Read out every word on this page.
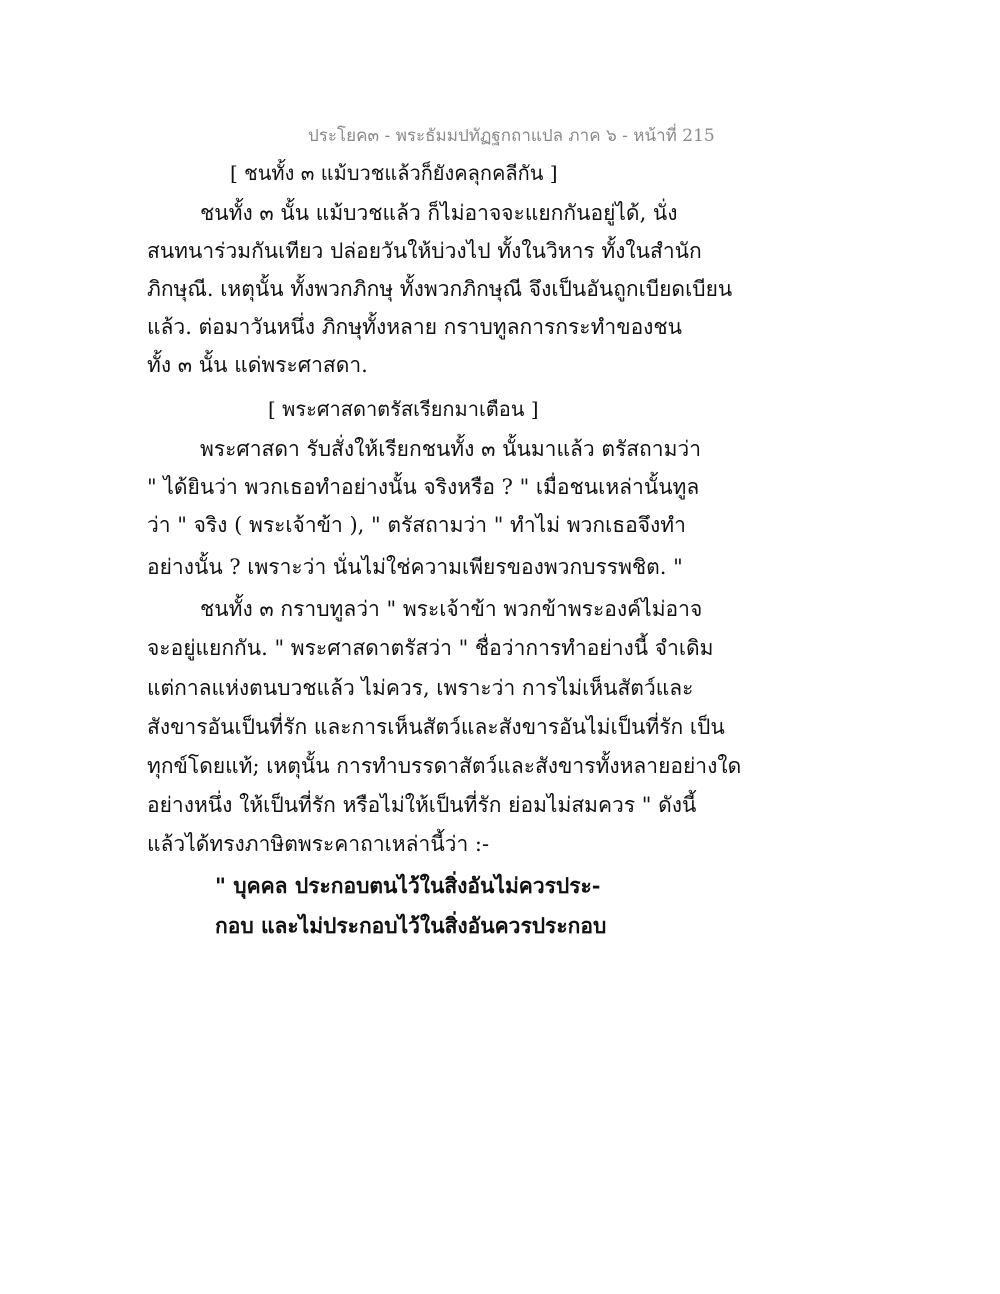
ประโยค๓ - พระธัมมปทัฏฐกถาแปล ภาค ๖ - หน้าที่ 215

[ ชนทั้ง ๓ แม้บวชแล้วก็ยังคลุกคลีกัน ]

ชนทั้ง ๓ นั้น แม้บวชแล้ว ก็ไม่อาจจะแยกกันอยู่ได้, นั่ง

สนทนาร่วมกันเทียว ปล่อยวันให้บ่วงไป ทั้งในวิหาร ทั้งในสำนัก

ภิกษุณี. เหตุนั้น ทั้งพวกภิกษุ ทั้งพวกภิกษุณี จึงเป็นอันถูกเบียดเบียน

แล้ว. ต่อมาวันหนึ่ง ภิกษุทั้งหลาย กราบทูลการกระทำของชน

ทั้ง ๓ นั้น แด่พระศาสดา.

[ พระศาสดาตรัสเรียกมาเตือน ]

พระศาสดา รับสั่งให้เรียกชนทั้ง ๓ นั้นมาแล้ว ตรัสถามว่า

" ได้ยินว่า พวกเธอทำอย่างนั้น จริงหรือ ? " เมื่อชนเหล่านั้นทูล

ว่า " จริง ( พระเจ้าข้า ), " ตรัสถามว่า " ทำไม่ พวกเธอจึงทำ

อย่างนั้น ? เพราะว่า นั่นไม่ใช่ความเพียรของพวกบรรพชิต. "

ชนทั้ง ๓ กราบทูลว่า " พระเจ้าข้า พวกข้าพระองค์ไม่อาจ

จะอยู่แยกกัน. " พระศาสดาตรัสว่า " ชื่อว่าการทำอย่างนี้ จำเดิม

แต่กาลแห่งตนบวชแล้ว ไม่ควร, เพราะว่า การไม่เห็นสัตว์และ

สังขารอันเป็นที่รัก และการเห็นสัตว์และสังขารอันไม่เป็นที่รัก เป็น

ทุกข์โดยแท้; เหตุนั้น การทำบรรดาสัตว์และสังขารทั้งหลายอย่างใด

อย่างหนึ่ง ให้เป็นที่รัก หรือไม่ให้เป็นที่รัก ย่อมไม่สมควร " ดังนี้

แล้วได้ทรงภาษิตพระคาถาเหล่านี้ว่า :-

" บุคคล ประกอบตนไว้ในสิ่งอันไม่ควรประ-

กอบ และไม่ประกอบไว้ในสิ่งอันควรประกอบ
